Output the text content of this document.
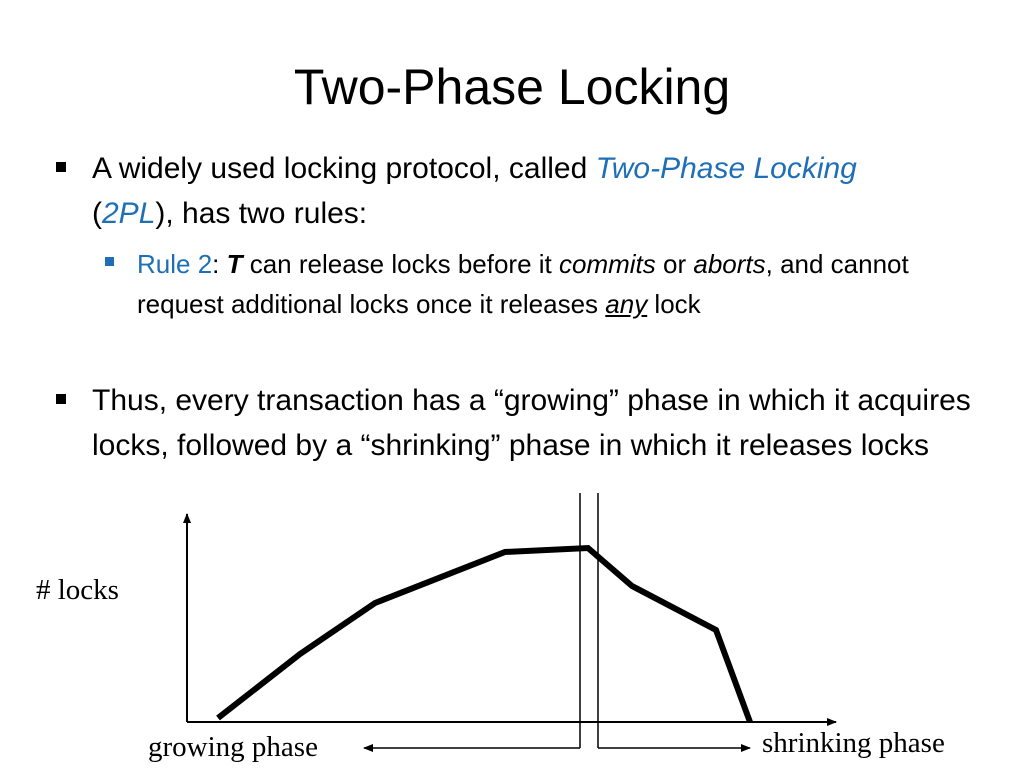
Two-Phase Locking
A widely used locking protocol, called Two-Phase Locking
(2PL), has two rules:
Rule 2: T can release locks before it commits or aborts, and cannot request additional locks once it releases any lock
Thus, every transaction has a “growing” phase in which it acquires locks, followed by a “shrinking” phase in which it releases locks
# locks
growing phase	shrinking phase
